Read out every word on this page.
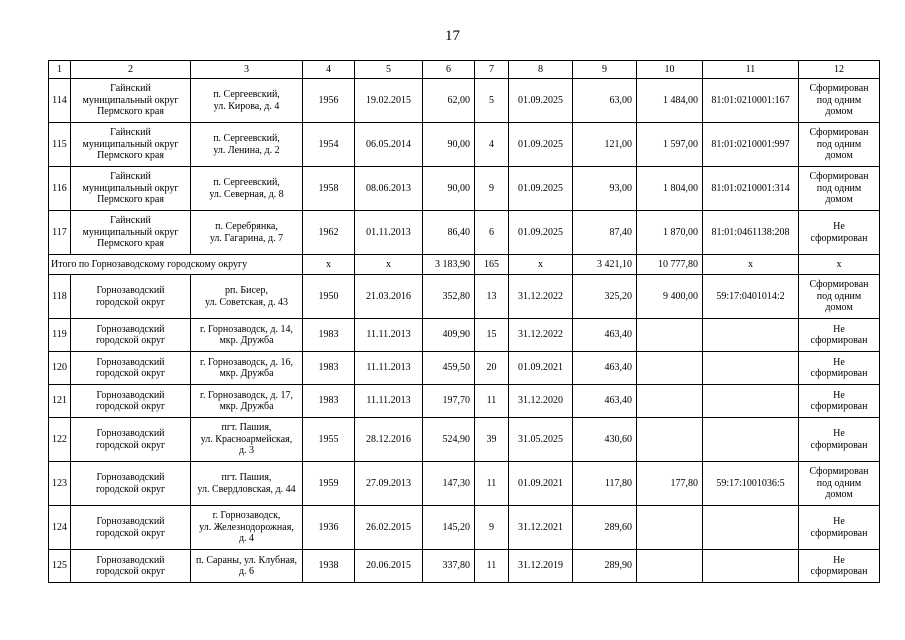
17
1	2	3	4	5	6	7	8	9	10	11	12
114	Гайнский
муниципальный округ
Пермского края	п. Сергеевский,
ул. Кирова, д. 4	1956	19.02.2015	62,00	5	01.09.2025	63,00	1 484,00	81:01:0210001:167	Сформирован
под одним
домом
115	Гайнский
муниципальный округ
Пермского края	п. Сергеевский,
ул. Ленина, д. 2	1954	06.05.2014	90,00	4	01.09.2025	121,00	1 597,00	81:01:0210001:997	Сформирован
под одним
домом
116	Гайнский
муниципальный округ
Пермского края	п. Сергеевский,
ул. Северная, д. 8	1958	08.06.2013	90,00	9	01.09.2025	93,00	1 804,00	81:01:0210001:314	Сформирован
под одним
домом
117	Гайнский
муниципальный округ
Пермского края	п. Серебрянка,
ул. Гагарина, д. 7	1962	01.11.2013	86,40	6	01.09.2025	87,40	1 870,00	81:01:0461138:208	Не
сформирован
Итого по Горнозаводскому городскому округу			х	х	3 183,90	165	х	3 421,10	10 777,80	х	х
118	Горнозаводский
городской округ	рп. Бисер,
ул. Советская, д. 43	1950	21.03.2016	352,80	13	31.12.2022	325,20	9 400,00	59:17:0401014:2	Сформирован
под одним
домом
119	Горнозаводский
городской округ	г. Горнозаводск, д. 14,
мкр. Дружба	1983	11.11.2013	409,90	15	31.12.2022	463,40			Не
сформирован
120	Горнозаводский
городской округ	г. Горнозаводск, д. 16,
мкр. Дружба	1983	11.11.2013	459,50	20	01.09.2021	463,40			Не
сформирован
121	Горнозаводский
городской округ	г. Горнозаводск, д. 17,
мкр. Дружба	1983	11.11.2013	197,70	11	31.12.2020	463,40			Не
сформирован
122	Горнозаводский
городской округ	пгт. Пашия,
ул. Красноармейская,
д. 3	1955	28.12.2016	524,90	39	31.05.2025	430,60			Не
сформирован
123	Горнозаводский
городской округ	пгт. Пашия,
ул. Свердловская, д. 44	1959	27.09.2013	147,30	11	01.09.2021	117,80	177,80	59:17:1001036:5	Сформирован
под одним
домом
124	Горнозаводский
городской округ	г. Горнозаводск,
ул. Железнодорожная,
д. 4	1936	26.02.2015	145,20	9	31.12.2021	289,60			Не
сформирован
125	Горнозаводский
городской округ	п. Сараны, ул. Клубная,
д. 6	1938	20.06.2015	337,80	11	31.12.2019	289,90			Не
сформирован
